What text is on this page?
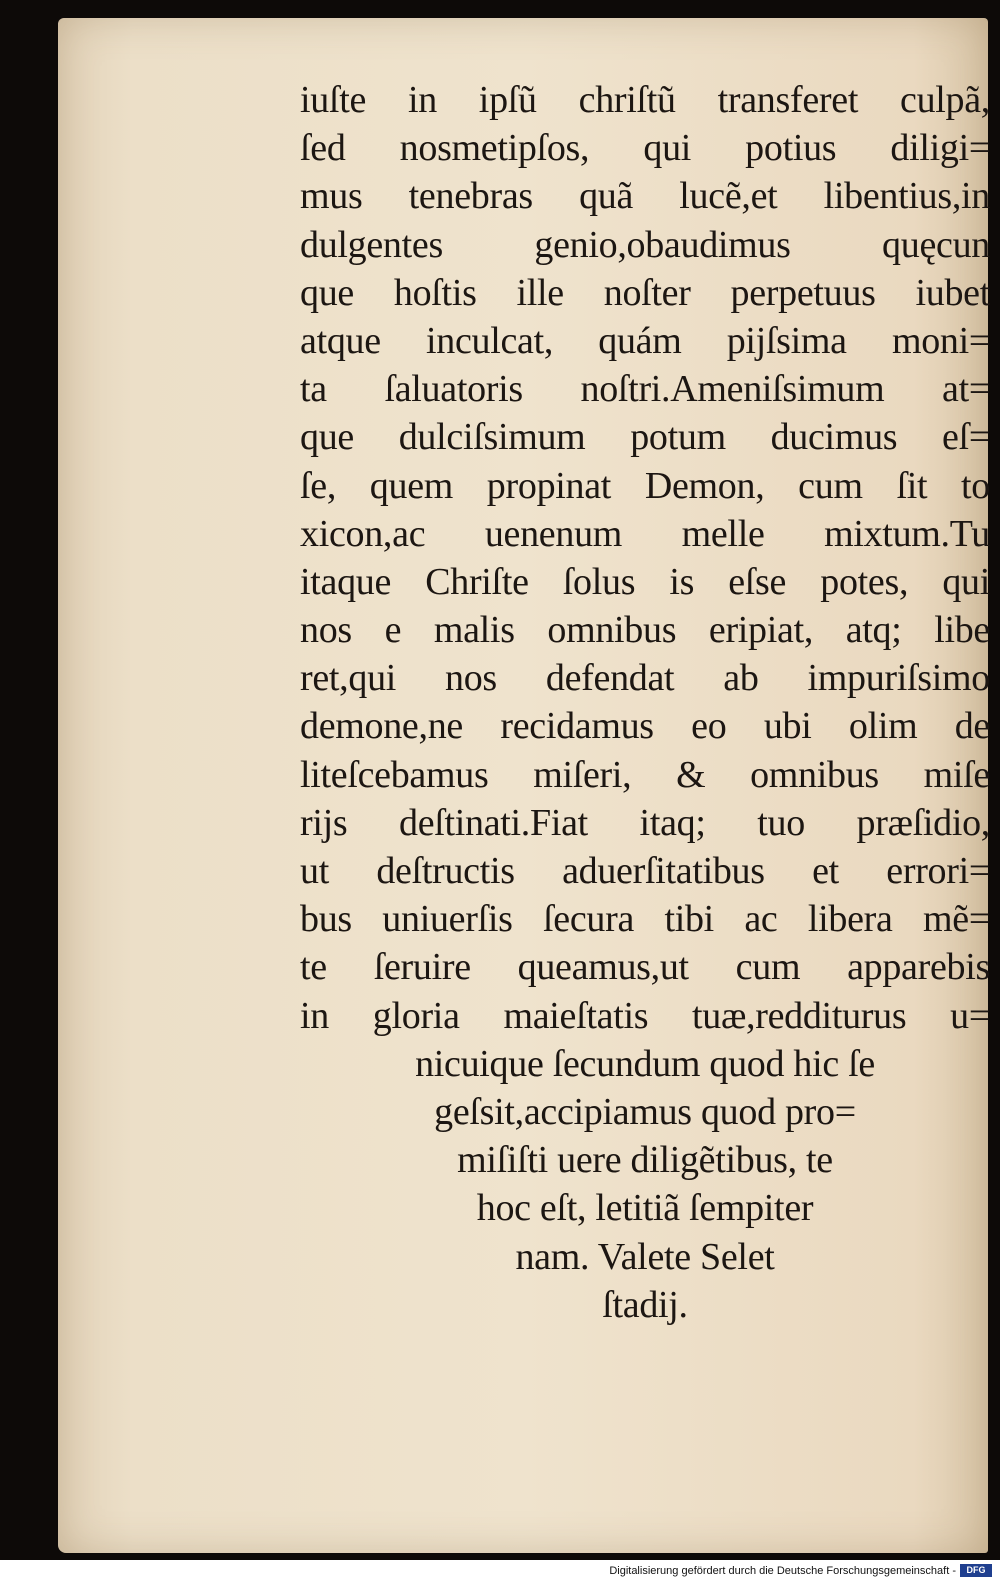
iuſte in ipſũ chriſtũ transferet culpã,
ſed nosmetipſos, qui potius diligi=
mus tenebras quã lucẽ,et libentius,in
dulgentes genio,obaudimus quęcun
que hoſtis ille noſter perpetuus iubet
atque inculcat, quám pijſsima moni=
ta ſaluatoris noſtri.Ameniſsimum at=
que dulciſsimum potum ducimus eſ=
ſe, quem propinat Demon, cum ſit to
xicon,ac uenenum melle mixtum.Tu
itaque Chriſte ſolus is eſse potes, qui
nos e malis omnibus eripiat, atq; libe
ret,qui nos defendat ab impuriſsimo
demone,ne recidamus eo ubi olim de
liteſcebamus miſeri, & omnibus miſe
rijs deſtinati.Fiat itaq; tuo præſidio,
ut deſtructis aduerſitatibus et errori=
bus uniuerſis ſecura tibi ac libera mẽ=
te ſeruire queamus,ut cum apparebis
in gloria maieſtatis tuæ,redditurus u=
nicuique ſecundum quod hic ſe
geſsit,accipiamus quod pro=
miſiſti uere diligẽtibus, te
hoc eſt, letitiã ſempiter
nam. Valete Selet
ſtadij.
Digitalisierung gefördert durch die Deutsche Forschungsgemeinschaft -	DFG
